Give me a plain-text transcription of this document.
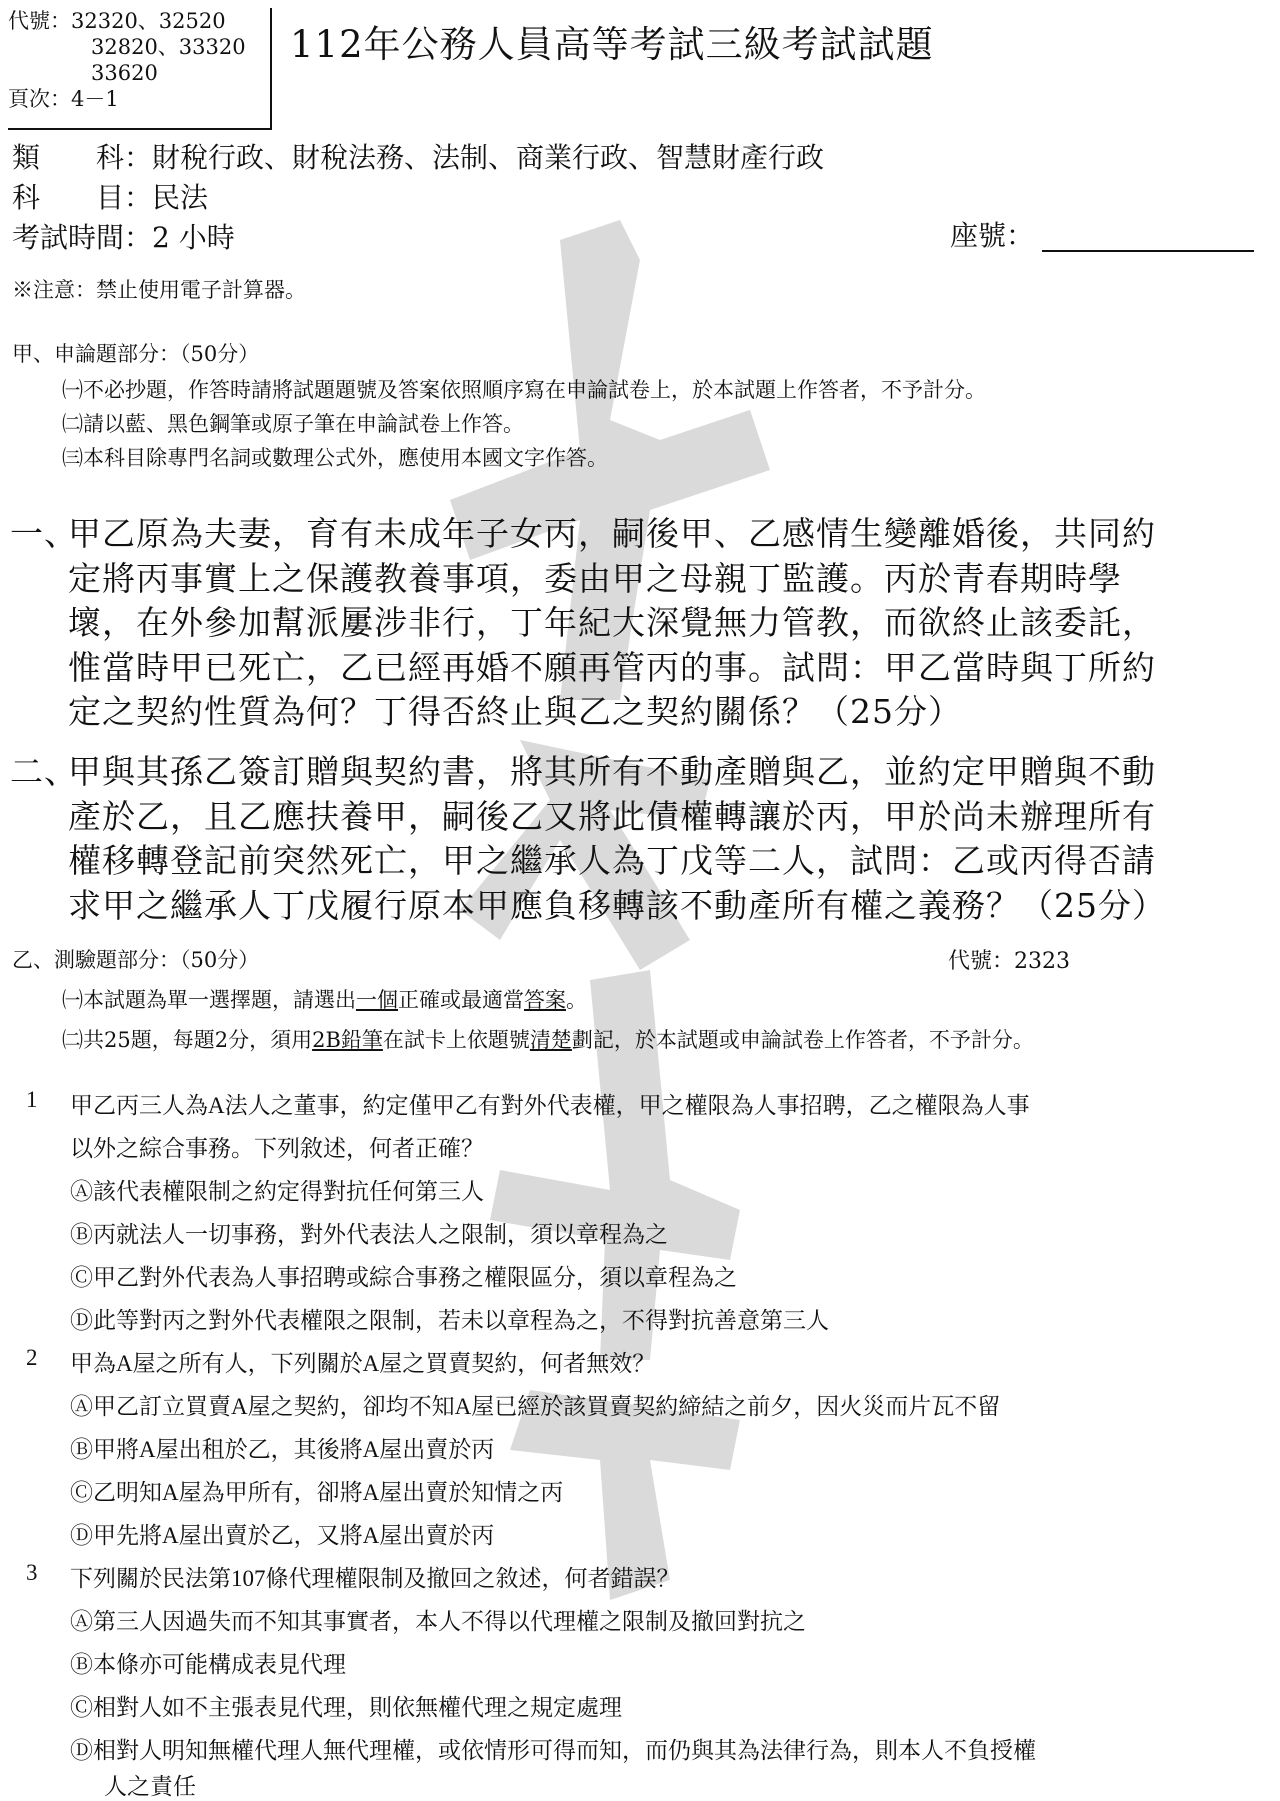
代號：32320、32520
32820、33320
33620
頁次：4－1
112年公務人員高等考試三級考試試題
類　　科：財稅行政、財稅法務、法制、商業行政、智慧財產行政
科　　目：民法
考試時間：2 小時	座號：
※注意：禁止使用電子計算器。
甲、申論題部分：（50分）
㈠不必抄題，作答時請將試題題號及答案依照順序寫在申論試卷上，於本試題上作答者，不予計分。
㈡請以藍、黑色鋼筆或原子筆在申論試卷上作答。
㈢本科目除專門名詞或數理公式外，應使用本國文字作答。
一、
甲乙原為夫妻，育有未成年子女丙，嗣後甲、乙感情生變離婚後，共同約
定將丙事實上之保護教養事項，委由甲之母親丁監護。丙於青春期時學
壞，在外參加幫派屢涉非行，丁年紀大深覺無力管教，而欲終止該委託，
惟當時甲已死亡，乙已經再婚不願再管丙的事。試問：甲乙當時與丁所約
定之契約性質為何？丁得否終止與乙之契約關係？（25分）
二、
甲與其孫乙簽訂贈與契約書，將其所有不動產贈與乙，並約定甲贈與不動
產於乙，且乙應扶養甲，嗣後乙又將此債權轉讓於丙，甲於尚未辦理所有
權移轉登記前突然死亡，甲之繼承人為丁戊等二人，試問：乙或丙得否請
求甲之繼承人丁戊履行原本甲應負移轉該不動產所有權之義務？（25分）
乙、測驗題部分：（50分）	代號：2323
㈠本試題為單一選擇題，請選出一個正確或最適當答案。
㈡共25題，每題2分，須用2B鉛筆在試卡上依題號清楚劃記，於本試題或申論試卷上作答者，不予計分。
1 甲乙丙三人為A法人之董事，約定僅甲乙有對外代表權，甲之權限為人事招聘，乙之權限為人事
以外之綜合事務。下列敘述，何者正確？
Ⓐ該代表權限制之約定得對抗任何第三人
Ⓑ丙就法人一切事務，對外代表法人之限制，須以章程為之
Ⓒ甲乙對外代表為人事招聘或綜合事務之權限區分，須以章程為之
Ⓓ此等對丙之對外代表權限之限制，若未以章程為之，不得對抗善意第三人
2 甲為A屋之所有人，下列關於A屋之買賣契約，何者無效？
Ⓐ甲乙訂立買賣A屋之契約，卻均不知A屋已經於該買賣契約締結之前夕，因火災而片瓦不留
Ⓑ甲將A屋出租於乙，其後將A屋出賣於丙
Ⓒ乙明知A屋為甲所有，卻將A屋出賣於知情之丙
Ⓓ甲先將A屋出賣於乙，又將A屋出賣於丙
3 下列關於民法第107條代理權限制及撤回之敘述，何者錯誤？
Ⓐ第三人因過失而不知其事實者，本人不得以代理權之限制及撤回對抗之
Ⓑ本條亦可能構成表見代理
Ⓒ相對人如不主張表見代理，則依無權代理之規定處理
Ⓓ相對人明知無權代理人無代理權，或依情形可得而知，而仍與其為法律行為，則本人不負授權
人之責任
